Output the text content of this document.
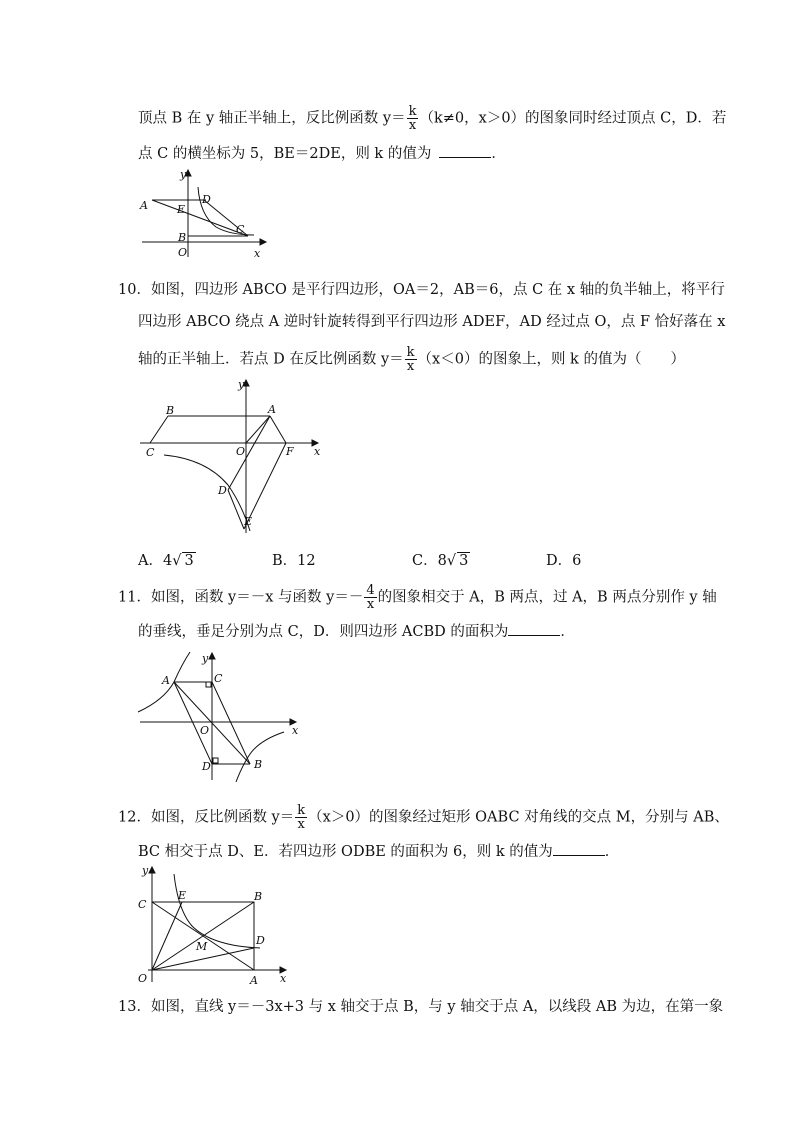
顶点 B 在 y 轴正半轴上，反比例函数 $y= \frac{k}{x} (k\ne 0$，x＞0）的图象同时经过顶点 C，D．若
点 C 的横坐标为 5，BE＝2DE，则 k 的值为	．
A	E
D
C
B
O
y
x
10．如图，四边形 ABCO 是平行四边形，OA＝2，AB＝6，点 C 在 x 轴的负半轴上，将平行
四边形 ABCO 绕点 A 逆时针旋转得到平行四边形 ADEF，AD 经过点 O，点 F 恰好落在 x
轴的正半轴上．若点 D 在反比例函数 $y= \frac{k}{x} (x<0)$的图象上，则 k 的值为（　　）
B	A
C	O	F
D
E
y
x
A．4√ 3	B．12	C．8√ 3	D．6
11．如图，函数 y＝－x 与函数 $y=- \frac{4}{x}$ 的图象相交于 A，B 两点，过 A，B 两点分别作 y 轴
的垂线，垂足分别为点 C，D．则四边形 ACBD 的面积为	．
A	C
O
D	B
y
x
12．如图，反比例函数 $y= \frac{k}{x} (x>0)$的图象经过矩形 OABC 对角线的交点 M，分别与 AB、
BC 相交于点 D、E．若四边形 ODBE 的面积为 6，则 k 的值为	．
C
E	B
M	D
O	A
y
x
13．如图，直线 y＝－3x+3 与 x 轴交于点 B，与 y 轴交于点 A，以线段 AB 为边，在第一象
